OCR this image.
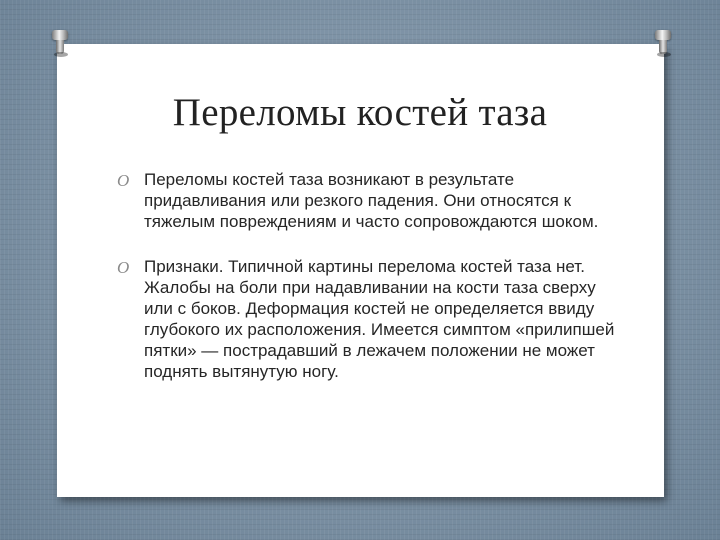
Переломы костей таза
O Переломы костей таза возникают в результате придавливания или резкого падения. Они относятся к тяжелым повреждениям и часто сопровождаются шоком.
O Признаки. Типичной картины перелома костей таза нет. Жалобы на боли при надавливании на кости таза сверху или с боков. Деформация костей не определяется ввиду глубокого их расположения. Имеется симптом «прилипшей пятки» — пострадавший в лежачем положении не может поднять вытянутую ногу.
